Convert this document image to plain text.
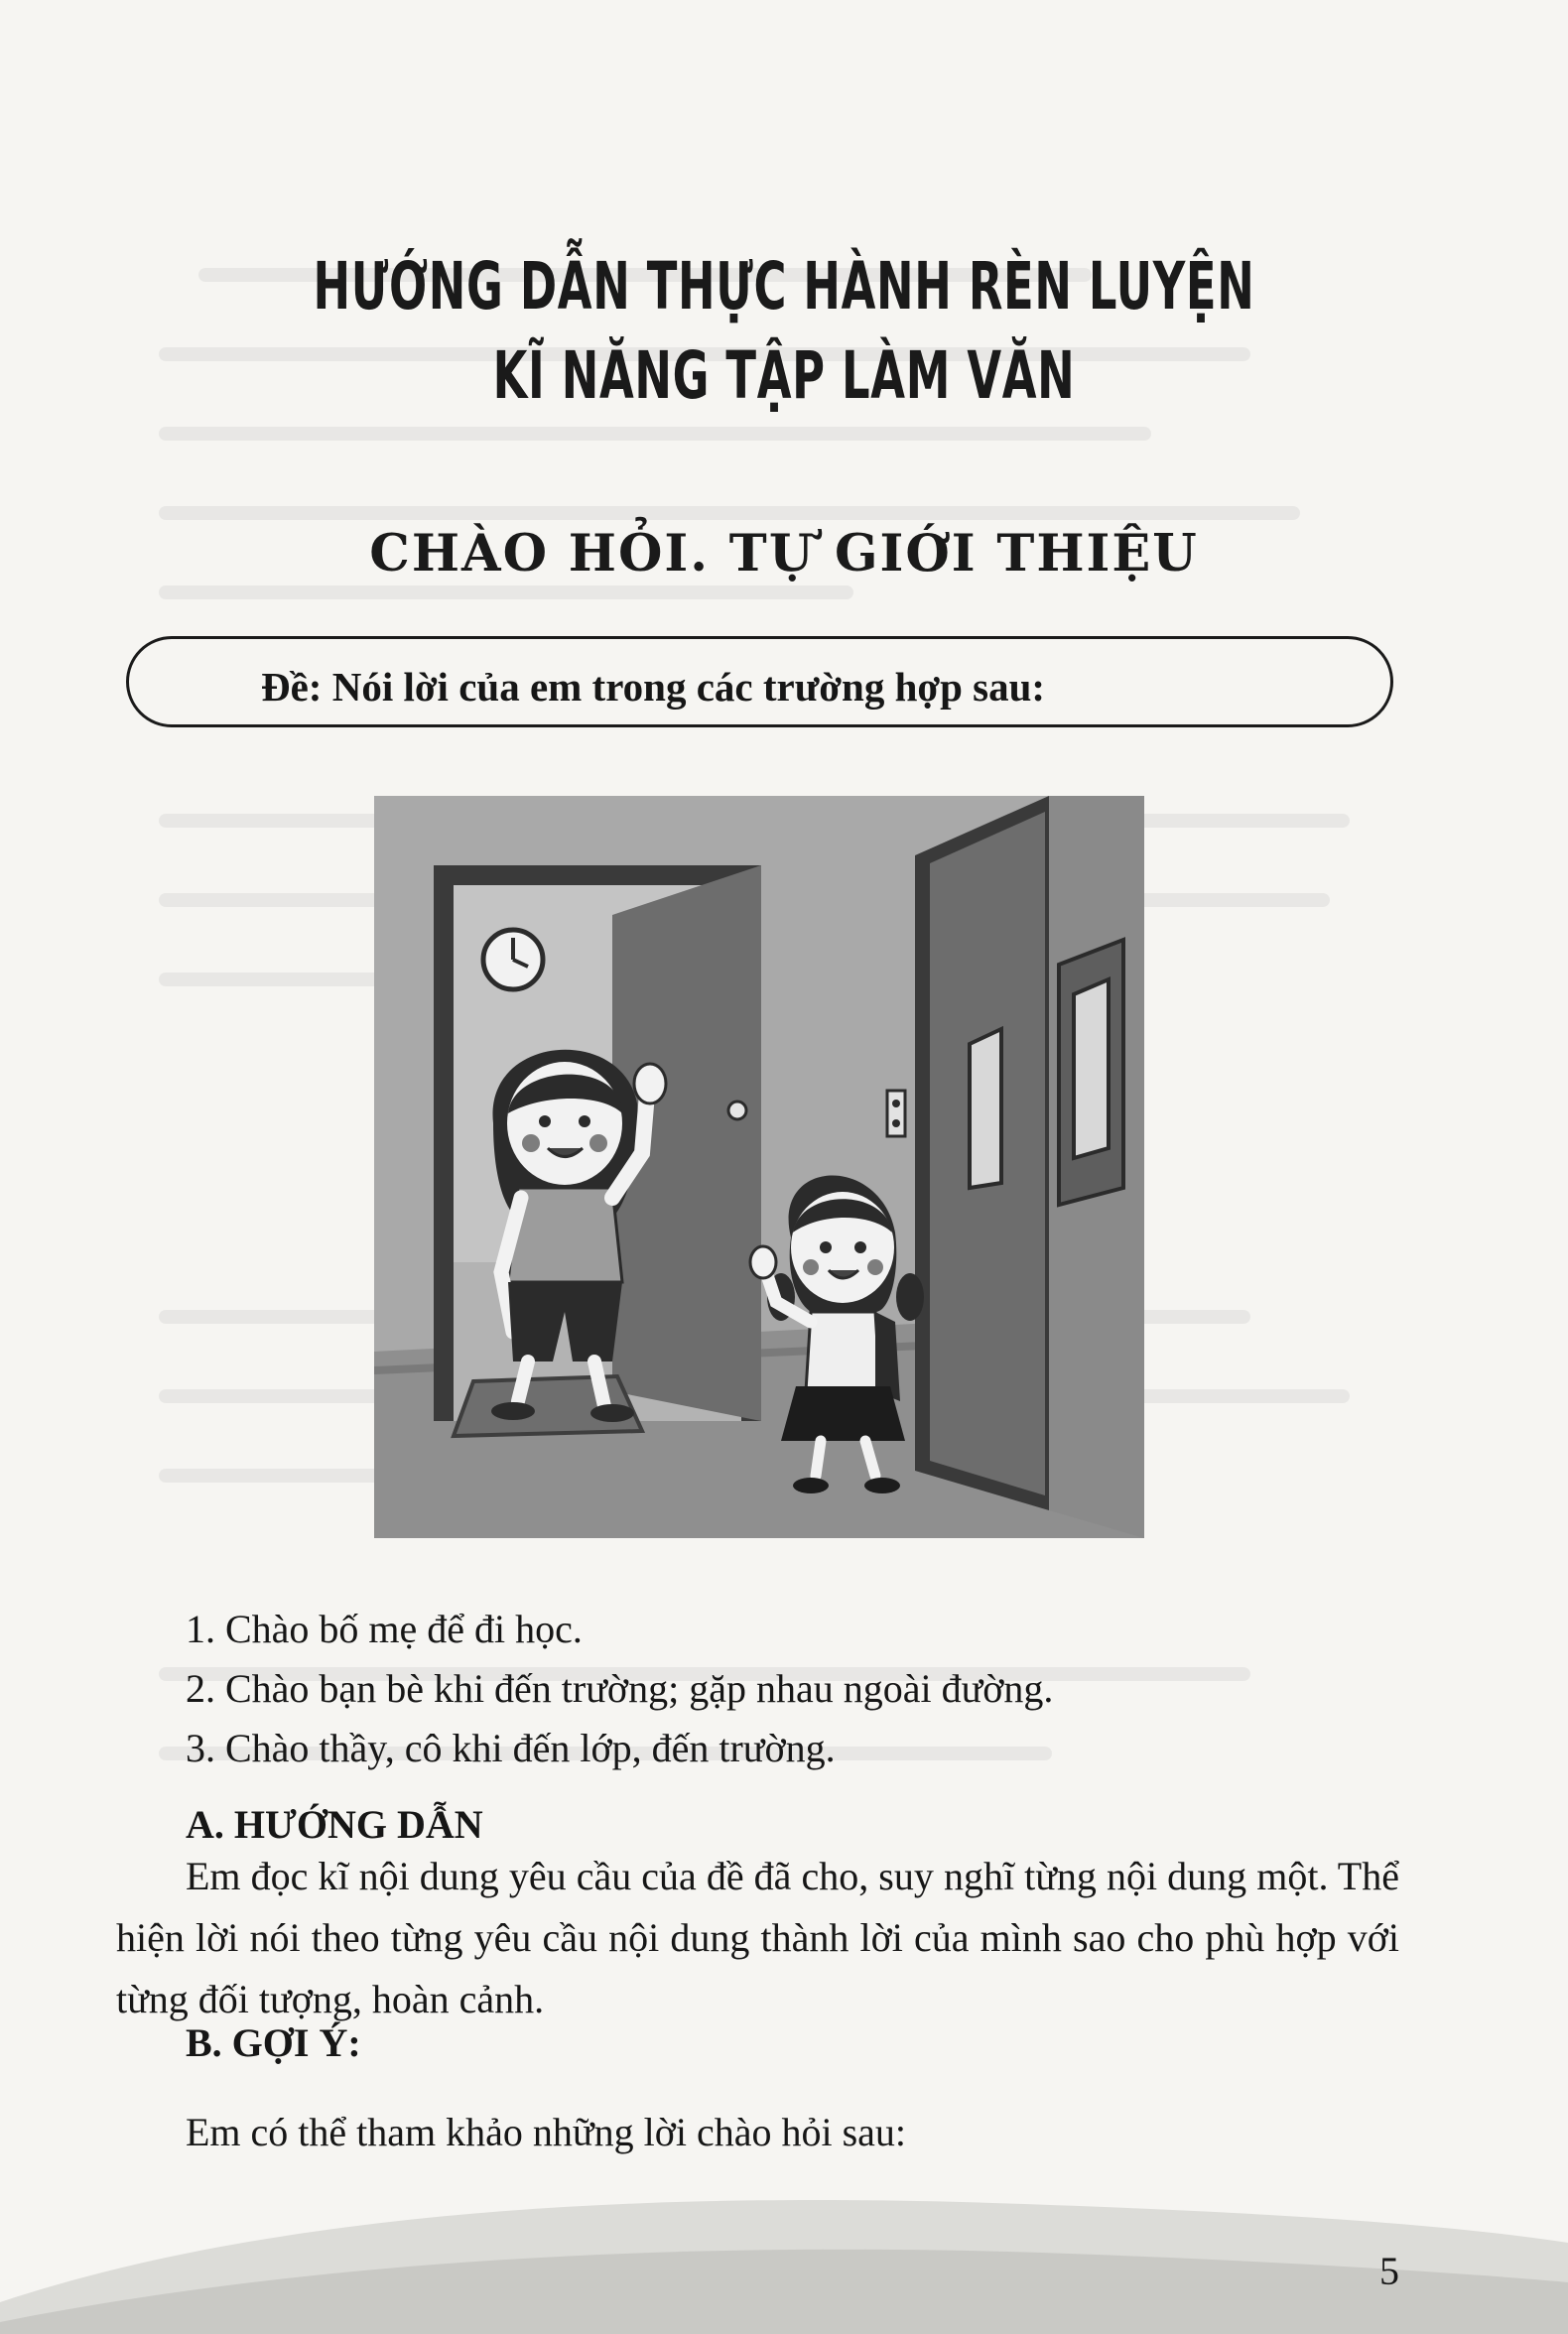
HƯỚNG DẪN THỰC HÀNH RÈN LUYỆN
KĨ NĂNG TẬP LÀM VĂN
CHÀO HỎI. TỰ GIỚI THIỆU
Đề: Nói lời của em trong các trường hợp sau:
1. Chào bố mẹ để đi học.
2. Chào bạn bè khi đến trường; gặp nhau ngoài đường.
3. Chào thầy, cô khi đến lớp, đến trường.
A. HƯỚNG DẪN
Em đọc kĩ nội dung yêu cầu của đề đã cho, suy nghĩ từng nội dung một. Thể hiện lời nói theo từng yêu cầu nội dung thành lời của mình sao cho phù hợp với từng đối tượng, hoàn cảnh.
B. GỢI Ý:
Em có thể tham khảo những lời chào hỏi sau:
5
